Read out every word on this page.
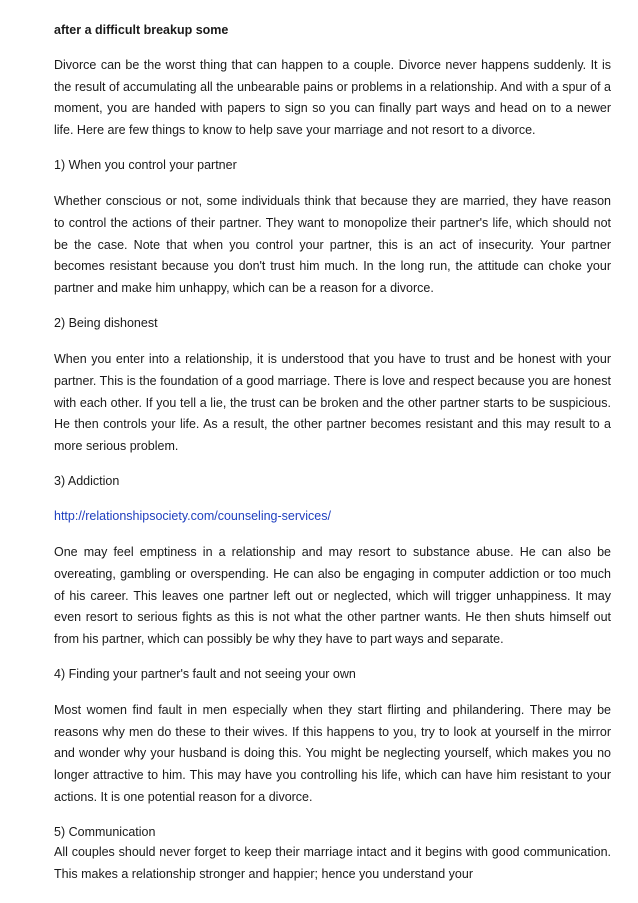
after a difficult breakup some

Divorce can be the worst thing that can happen to a couple. Divorce never happens suddenly. It is the result of accumulating all the unbearable pains or problems in a relationship. And with a spur of a moment, you are handed with papers to sign so you can finally part ways and head on to a newer life. Here are few things to know to help save your marriage and not resort to a divorce.

1) When you control your partner

Whether conscious or not, some individuals think that because they are married, they have reason to control the actions of their partner. They want to monopolize their partner's life, which should not be the case. Note that when you control your partner, this is an act of insecurity. Your partner becomes resistant because you don't trust him much. In the long run, the attitude can choke your partner and make him unhappy, which can be a reason for a divorce.

2) Being dishonest

When you enter into a relationship, it is understood that you have to trust and be honest with your partner. This is the foundation of a good marriage. There is love and respect because you are honest with each other. If you tell a lie, the trust can be broken and the other partner starts to be suspicious. He then controls your life. As a result, the other partner becomes resistant and this may result to a more serious problem.

3) Addiction
http://relationshipsociety.com/counseling-services/

One may feel emptiness in a relationship and may resort to substance abuse. He can also be overeating, gambling or overspending. He can also be engaging in computer addiction or too much of his career. This leaves one partner left out or neglected, which will trigger unhappiness. It may even resort to serious fights as this is not what the other partner wants. He then shuts himself out from his partner, which can possibly be why they have to part ways and separate.

4) Finding your partner's fault and not seeing your own

Most women find fault in men especially when they start flirting and philandering. There may be reasons why men do these to their wives. If this happens to you, try to look at yourself in the mirror and wonder why your husband is doing this. You might be neglecting yourself, which makes you no longer attractive to him. This may have you controlling his life, which can have him resistant to your actions. It is one potential reason for a divorce.

5) Communication

All couples should never forget to keep their marriage intact and it begins with good communication. This makes a relationship stronger and happier; hence you understand your
